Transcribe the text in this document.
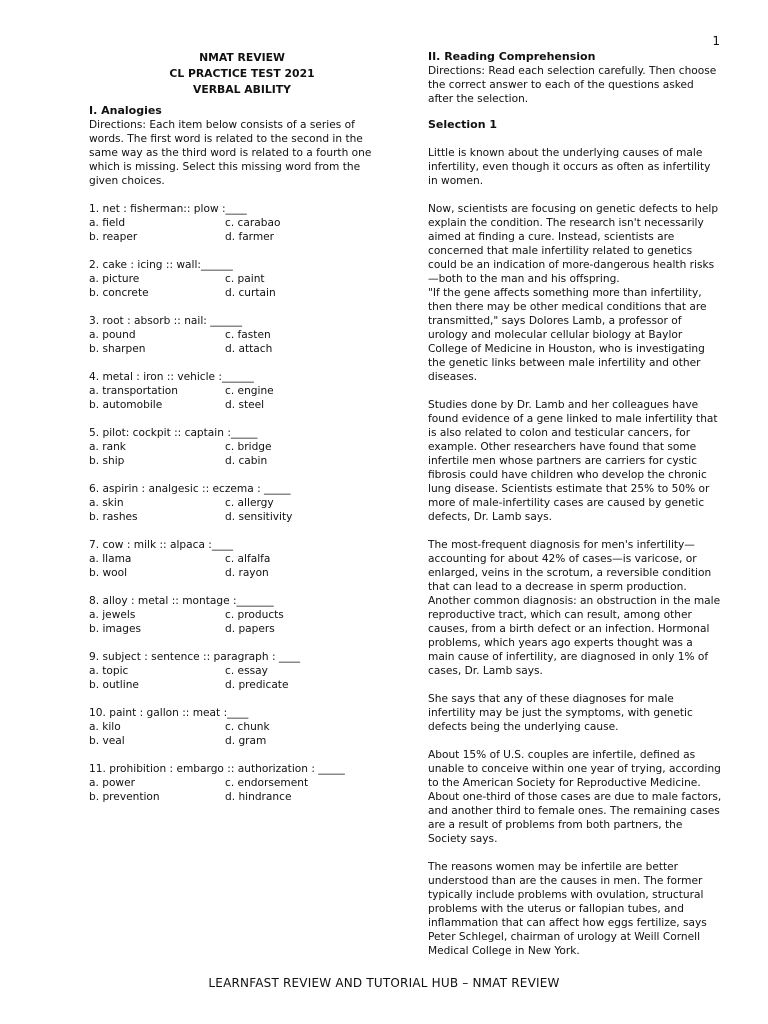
1
NMAT REVIEW
CL PRACTICE TEST 2021
VERBAL ABILITY
I. Analogies

Directions: Each item below consists of a series of words. The first word is related to the second in the same way as the third word is related to a fourth one which is missing. Select this missing word from the given choices.

1. net : fisherman:: plow :____
a. field	c. carabao
b. reaper	d. farmer
2. cake : icing :: wall:______
a. picture	c. paint
b. concrete	d. curtain
3. root : absorb :: nail: ______
a. pound	c. fasten
b. sharpen	d. attach
4. metal : iron :: vehicle :______
a. transportation	c. engine
b. automobile	d. steel
5. pilot: cockpit :: captain :_____
a. rank	c. bridge
b. ship	d. cabin
6. aspirin : analgesic :: eczema : _____
a. skin	c. allergy
b. rashes	d. sensitivity
7. cow : milk :: alpaca :____
a. llama	c. alfalfa
b. wool	d. rayon
8. alloy : metal :: montage :_______
a. jewels	c. products
b. images	d. papers
9. subject : sentence :: paragraph : ____
a. topic	c. essay
b. outline	d. predicate
10. paint : gallon :: meat :____
a. kilo	c. chunk
b. veal	d. gram
11. prohibition : embargo :: authorization : _____
a. power	c. endorsement
b. prevention	d. hindrance
II. Reading Comprehension

Directions: Read each selection carefully. Then choose the correct answer to each of the questions asked after the selection.

Selection 1

Little is known about the underlying causes of male infertility, even though it occurs as often as infertility in women.

Now, scientists are focusing on genetic defects to help explain the condition. The research isn't necessarily aimed at finding a cure. Instead, scientists are concerned that male infertility related to genetics could be an indication of more-dangerous health risks—both to the man and his offspring.

"If the gene affects something more than infertility, then there may be other medical conditions that are transmitted," says Dolores Lamb, a professor of urology and molecular cellular biology at Baylor College of Medicine in Houston, who is investigating the genetic links between male infertility and other diseases.

Studies done by Dr. Lamb and her colleagues have found evidence of a gene linked to male infertility that is also related to colon and testicular cancers, for example. Other researchers have found that some infertile men whose partners are carriers for cystic fibrosis could have children who develop the chronic lung disease. Scientists estimate that 25% to 50% or more of male-infertility cases are caused by genetic defects, Dr. Lamb says.

The most-frequent diagnosis for men's infertility—accounting for about 42% of cases—is varicose, or enlarged, veins in the scrotum, a reversible condition that can lead to a decrease in sperm production. Another common diagnosis: an obstruction in the male reproductive tract, which can result, among other causes, from a birth defect or an infection. Hormonal problems, which years ago experts thought was a main cause of infertility, are diagnosed in only 1% of cases, Dr. Lamb says.

She says that any of these diagnoses for male infertility may be just the symptoms, with genetic defects being the underlying cause.

About 15% of U.S. couples are infertile, defined as unable to conceive within one year of trying, according to the American Society for Reproductive Medicine. About one-third of those cases are due to male factors, and another third to female ones. The remaining cases are a result of problems from both partners, the Society says.

The reasons women may be infertile are better understood than are the causes in men. The former typically include problems with ovulation, structural problems with the uterus or fallopian tubes, and inflammation that can affect how eggs fertilize, says Peter Schlegel, chairman of urology at Weill Cornell Medical College in New York.

LEARNFAST REVIEW AND TUTORIAL HUB – NMAT REVIEW
